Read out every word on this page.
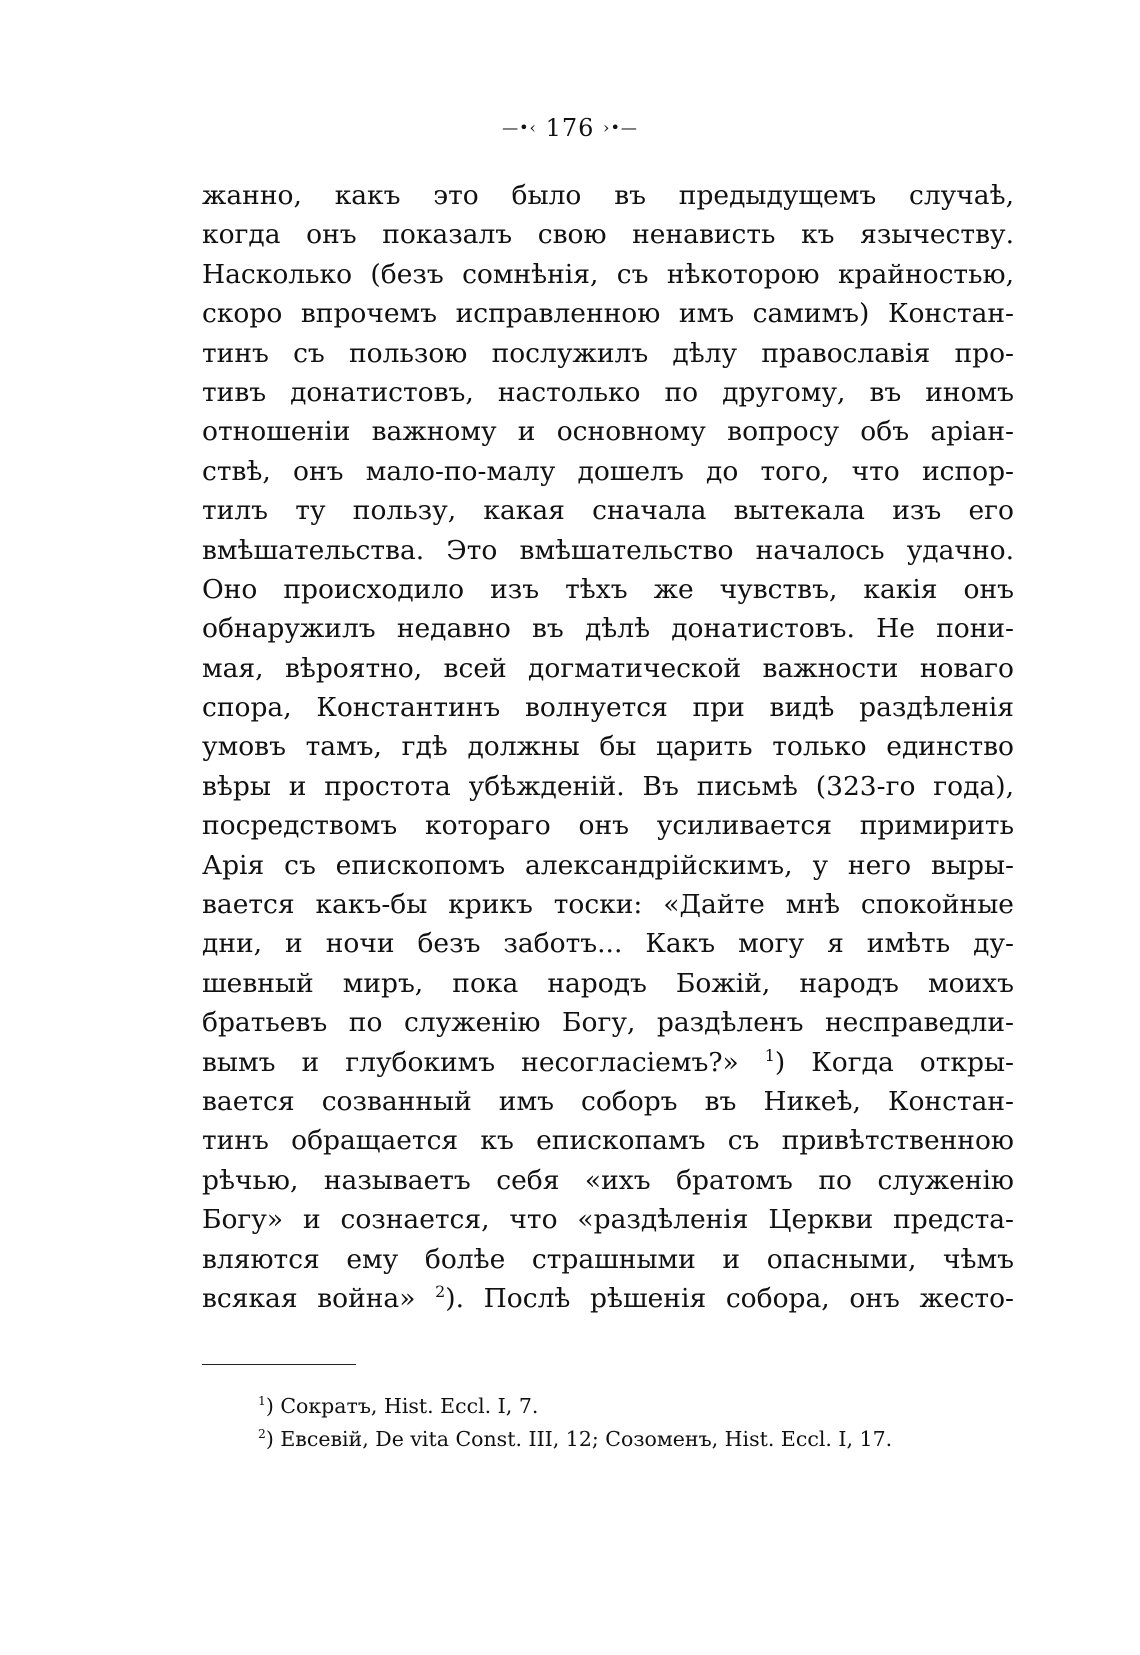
—•‹ 176 ›•—
жанно, какъ это было въ предыдущемъ случаѣ,
когда онъ показалъ свою ненависть къ язычеству.
Насколько (безъ сомнѣнія, съ нѣкоторою крайностью,
скоро впрочемъ исправленною имъ самимъ) Констан-
тинъ съ пользою послужилъ дѣлу православія про-
тивъ донатистовъ, настолько по другому, въ иномъ
отношеніи важному и основному вопросу объ аріан-
ствѣ, онъ мало-по-малу дошелъ до того, что испор-
тилъ ту пользу, какая сначала вытекала изъ его
вмѣшательства. Это вмѣшательство началось удачно.
Оно происходило изъ тѣхъ же чувствъ, какія онъ
обнаружилъ недавно въ дѣлѣ донатистовъ. Не пони-
мая, вѣроятно, всей догматической важности новаго
спора, Константинъ волнуется при видѣ раздѣленія
умовъ тамъ, гдѣ должны бы царить только единство
вѣры и простота убѣжденій. Въ письмѣ (323-го года),
посредствомъ котораго онъ усиливается примирить
Арія съ епископомъ александрійскимъ, у него выры-
вается какъ-бы крикъ тоски: «Дайте мнѣ спокойные
дни, и ночи безъ заботъ... Какъ могу я имѣть ду-
шевный миръ, пока народъ Божій, народъ моихъ
братьевъ по служенію Богу, раздѣленъ несправедли-
вымъ и глубокимъ несогласіемъ?» $^1$) Когда откры-
вается созванный имъ соборъ въ Никеѣ, Констан-
тинъ обращается къ епископамъ съ привѣтственною
рѣчью, называетъ себя «ихъ братомъ по служенію
Богу» и сознается, что «раздѣленія Церкви предста-
вляются ему болѣе страшными и опасными, чѣмъ
всякая война» $^2$). Послѣ рѣшенія собора, онъ жесто-
$^1$) Сократъ, Hist. Eccl. I, 7.
$^2$) Евсевій, De vita Const. III, 12; Созоменъ, Hist. Eccl. I, 17.
